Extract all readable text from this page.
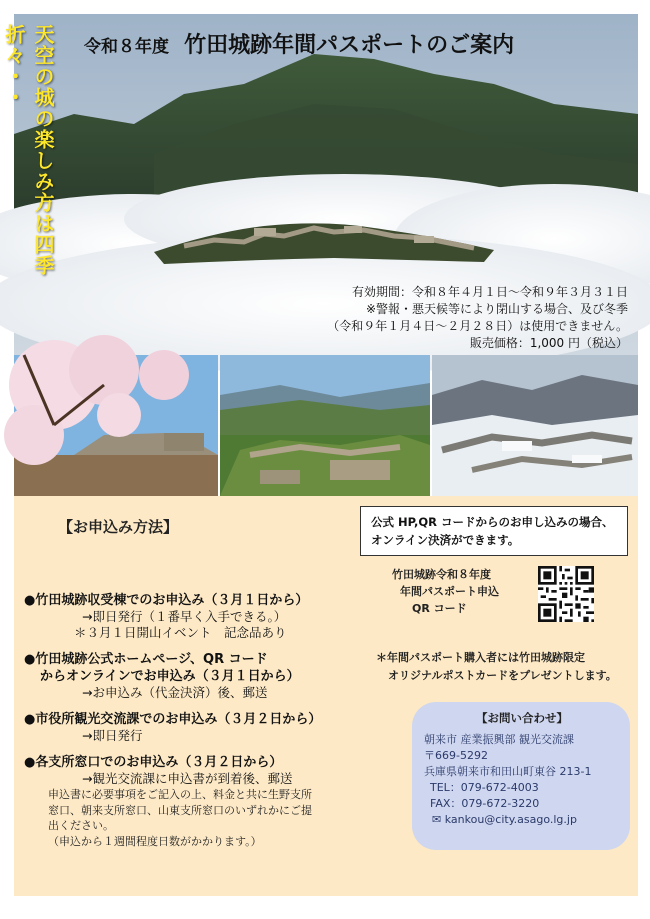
天空の城の楽しみ方は四季折々・・	令和８年度 竹田城跡年間パスポートのご案内
有効期間：令和８年４月１日～令和９年３月３１日
※警報・悪天候等により閉山する場合、及び冬季
（令和９年１月４日～２月２８日）は使用できません。
販売価格：1,000 円（税込）
【お申込み方法】	公式 HP,QR コードからのお申し込みの場合、
オンライン決済ができます。
●竹田城跡収受棟でのお申込み（３月１日から）
→即日発行（１番早く入手できる。）
＊３月１日開山イベント　記念品あり
●竹田城跡公式ホームページ、QR コード
からオンラインでお申込み（３月１日から）
→お申込み（代金決済）後、郵送
●市役所観光交流課でのお申込み（３月２日から）
→即日発行
●各支所窓口でのお申込み（３月２日から）
→観光交流課に申込書が到着後、郵送
申込書に必要事項をご記入の上、料金と共に生野支所
窓口、朝来支所窓口、山東支所窓口のいずれかにご提
出ください。
（申込から１週間程度日数がかかります。）
竹田城跡令和８年度
年間パスポート申込
QR コード
＊年間パスポート購入者には竹田城跡限定
オリジナルポストカードをプレゼントします。
【お問い合わせ】
朝来市 産業振興部 観光交流課
〒669-5292
兵庫県朝来市和田山町東谷 213-1
TEL：079-672-4003
FAX：079-672-3220
✉ kankou@city.asago.lg.jp
